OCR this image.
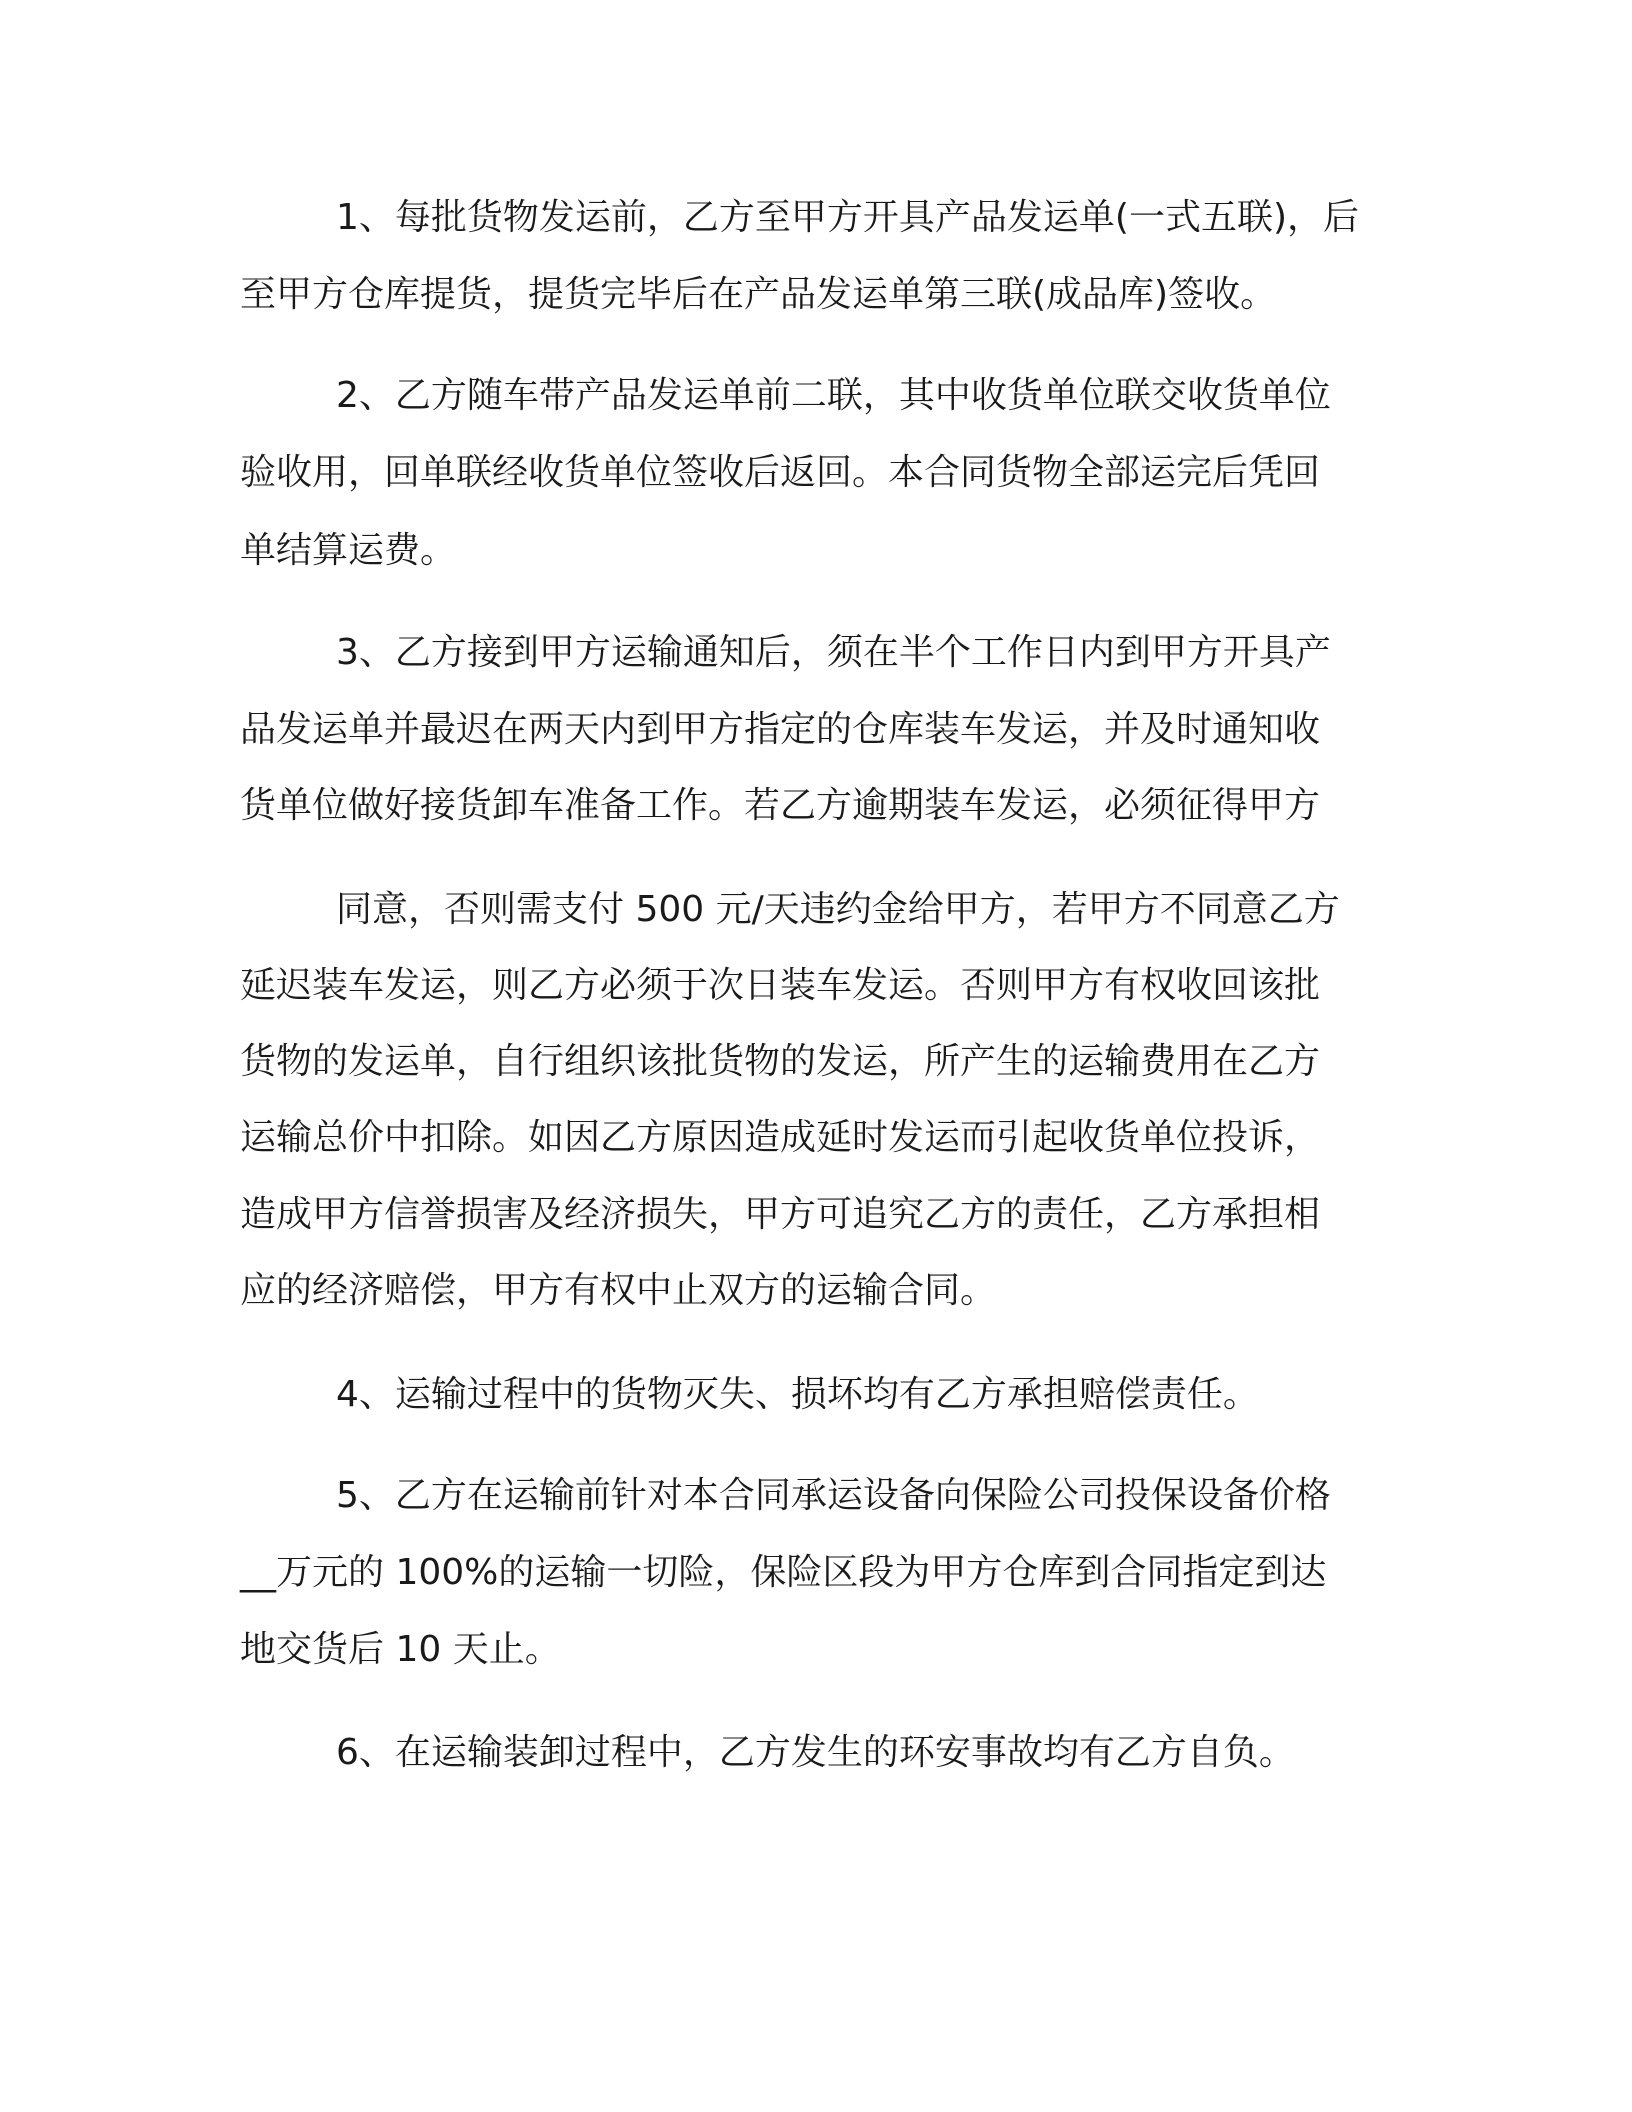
1、每批货物发运前，乙方至甲方开具产品发运单(一式五联)，后
至甲方仓库提货，提货完毕后在产品发运单第三联(成品库)签收。
2、乙方随车带产品发运单前二联，其中收货单位联交收货单位
验收用，回单联经收货单位签收后返回。本合同货物全部运完后凭回
单结算运费。
3、乙方接到甲方运输通知后，须在半个工作日内到甲方开具产
品发运单并最迟在两天内到甲方指定的仓库装车发运，并及时通知收
货单位做好接货卸车准备工作。若乙方逾期装车发运，必须征得甲方
同意，否则需支付 500 元/天违约金给甲方，若甲方不同意乙方
延迟装车发运，则乙方必须于次日装车发运。否则甲方有权收回该批
货物的发运单，自行组织该批货物的发运，所产生的运输费用在乙方
运输总价中扣除。如因乙方原因造成延时发运而引起收货单位投诉，
造成甲方信誉损害及经济损失，甲方可追究乙方的责任，乙方承担相
应的经济赔偿，甲方有权中止双方的运输合同。
4、运输过程中的货物灭失、损坏均有乙方承担赔偿责任。
5、乙方在运输前针对本合同承运设备向保险公司投保设备价格
__万元的 100%的运输一切险，保险区段为甲方仓库到合同指定到达
地交货后 10 天止。
6、在运输装卸过程中，乙方发生的环安事故均有乙方自负。
